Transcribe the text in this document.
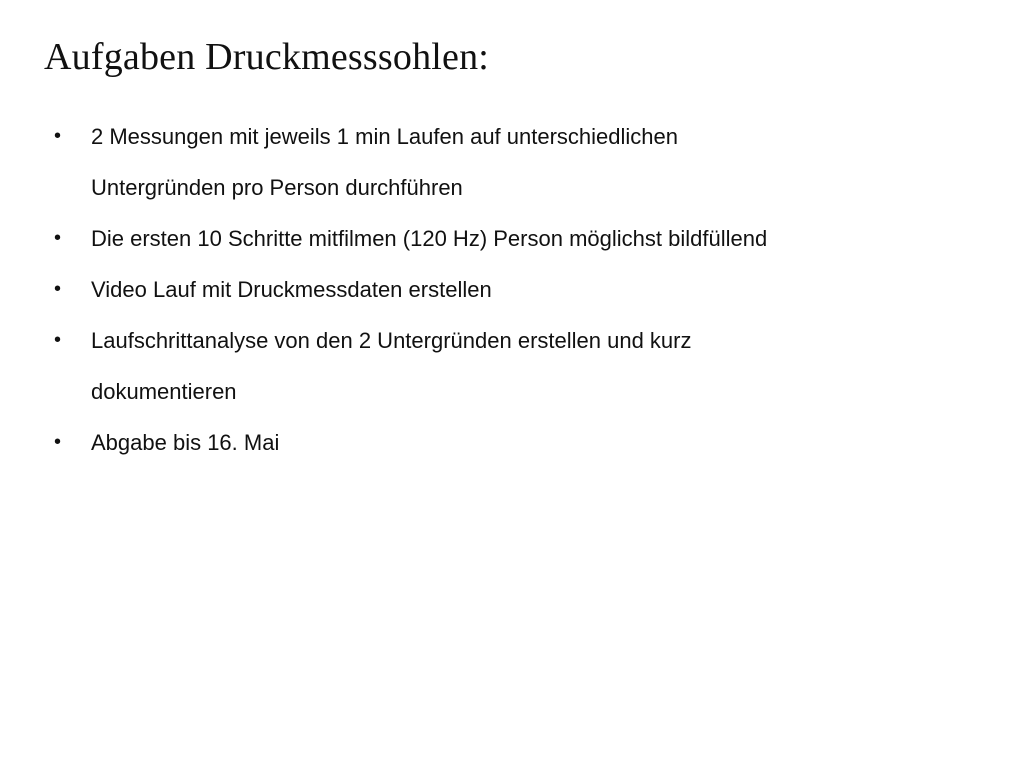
Aufgaben Druckmesssohlen:
• 2 Messungen mit jeweils 1 min Laufen auf unterschiedlichen
Untergründen pro Person durchführen
• Die ersten 10 Schritte mitfilmen (120 Hz) Person möglichst bildfüllend
• Video Lauf mit Druckmessdaten erstellen
• Laufschrittanalyse von den 2 Untergründen erstellen und kurz
dokumentieren
• Abgabe bis 16. Mai
